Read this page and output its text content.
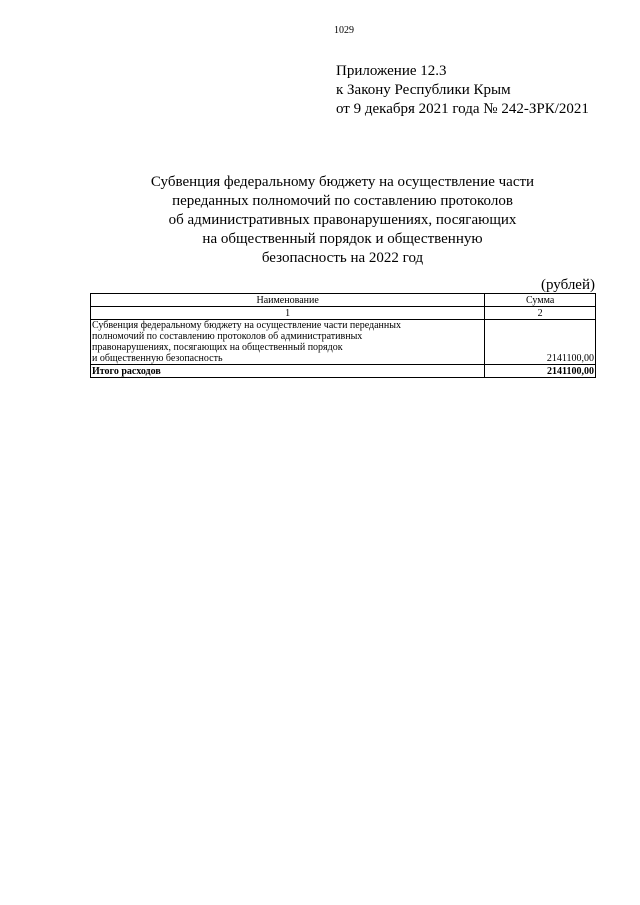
1029
Приложение 12.3
к Закону Республики Крым
от 9 декабря 2021 года № 242-ЗРК/2021
Субвенция федеральному бюджету на осуществление части
переданных полномочий по составлению протоколов
об административных правонарушениях, посягающих
на общественный порядок и общественную
безопасность на 2022 год
(рублей)
Наименование	Сумма
1	2

Субвенция федеральному бюджету на осуществление части переданных
полномочий по составлению протоколов об административных
правонарушениях, посягающих на общественный порядок
и общественную безопасность	2141100,00
Итого расходов	2141100,00
